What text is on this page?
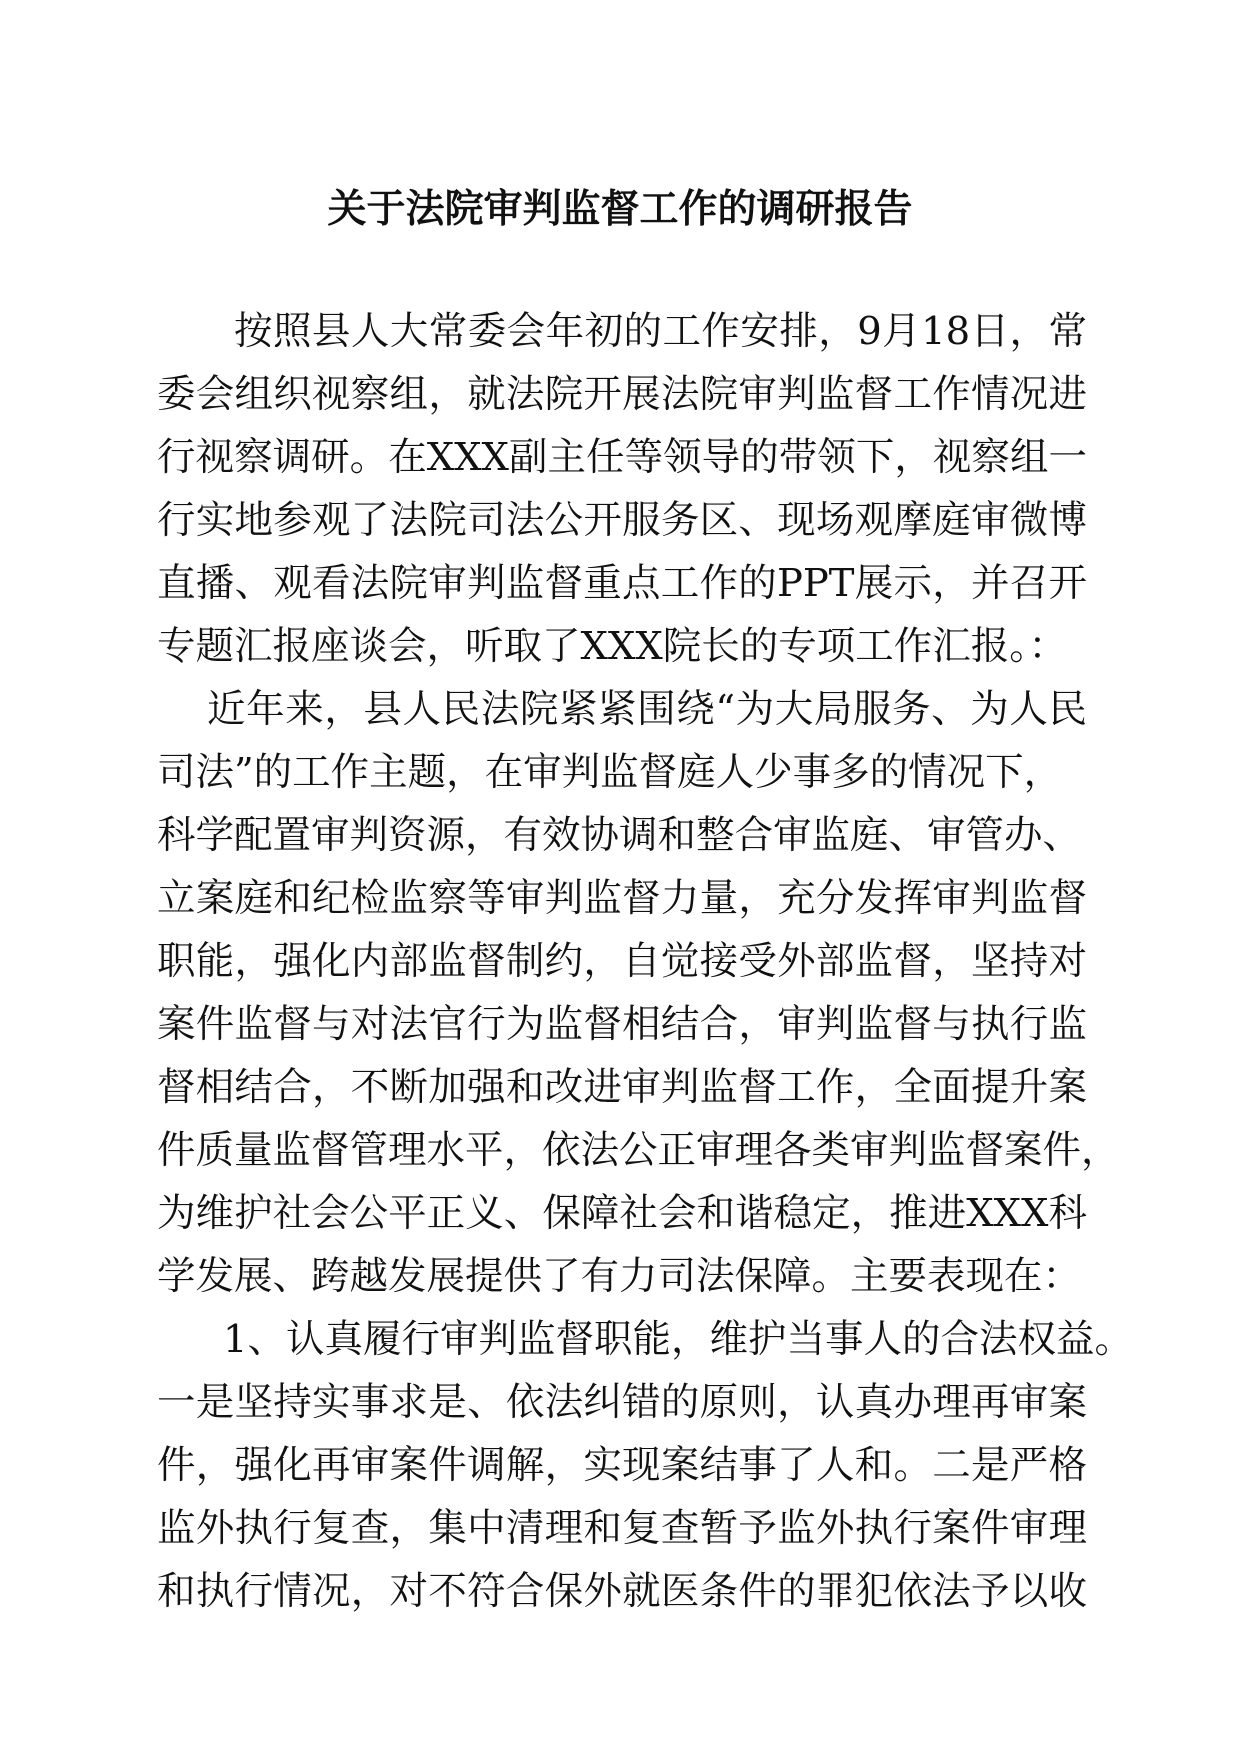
关于法院审判监督工作的调研报告
按照县人大常委会年初的工作安排，9月18日，常
委会组织视察组，就法院开展法院审判监督工作情况进
行视察调研。在XXX副主任等领导的带领下，视察组一
行实地参观了法院司法公开服务区、现场观摩庭审微博
直播、观看法院审判监督重点工作的PPT展示，并召开
专题汇报座谈会，听取了XXX院长的专项工作汇报。：
近年来，县人民法院紧紧围绕“为大局服务、为人民
司法”的工作主题，在审判监督庭人少事多的情况下，
科学配置审判资源，有效协调和整合审监庭、审管办、
立案庭和纪检监察等审判监督力量，充分发挥审判监督
职能，强化内部监督制约，自觉接受外部监督，坚持对
案件监督与对法官行为监督相结合，审判监督与执行监
督相结合，不断加强和改进审判监督工作，全面提升案
件质量监督管理水平，依法公正审理各类审判监督案件，
为维护社会公平正义、保障社会和谐稳定，推进XXX科
学发展、跨越发展提供了有力司法保障。主要表现在：
1、认真履行审判监督职能，维护当事人的合法权益。
一是坚持实事求是、依法纠错的原则，认真办理再审案
件，强化再审案件调解，实现案结事了人和。二是严格
监外执行复查，集中清理和复查暂予监外执行案件审理
和执行情况，对不符合保外就医条件的罪犯依法予以收
